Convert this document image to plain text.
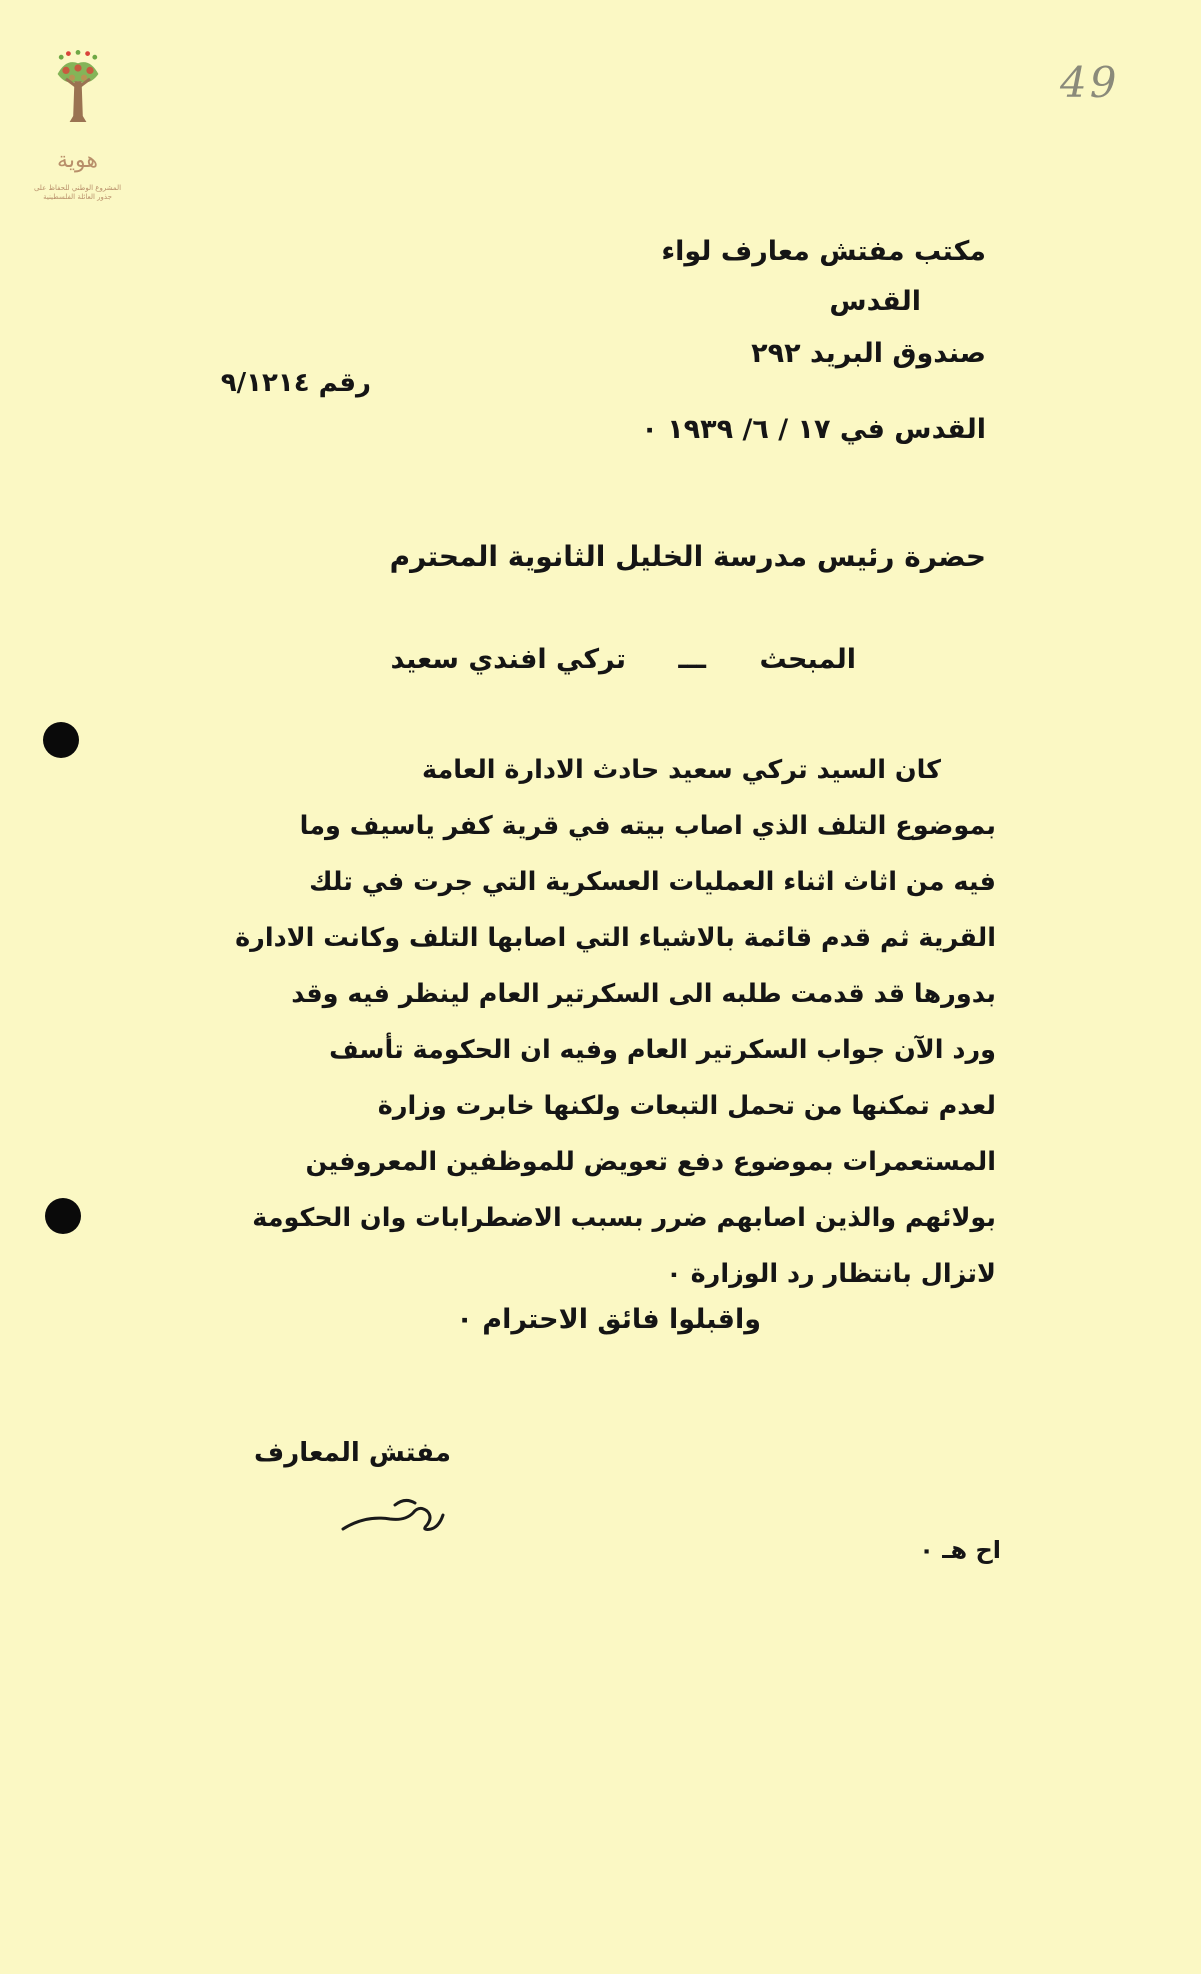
49
هوية
المشروع الوطني للحفاظ على جذور العائلة الفلسطينية
مكتب مفتش معارف لواء
القدس
صندوق البريد ٢٩٢
رقم ٩/١٢١٤
القدس في ١٧ / ٦/ ١٩٣٩ ٠
حضرة رئيس مدرسة الخليل الثانوية المحترم
المبحث
ـــ
تركي افندي سعيد
كان السيد تركي سعيد حادث الادارة العامة
بموضوع التلف الذي اصاب بيته في قرية كفر ياسيف وما
فيه من اثاث اثناء العمليات العسكرية التي جرت في تلك
القرية ثم قدم قائمة بالاشياء التي اصابها التلف وكانت الادارة
بدورها قد قدمت طلبه الى السكرتير العام لينظر فيه وقد
ورد الآن جواب السكرتير العام وفيه ان الحكومة تأسف
لعدم تمكنها من تحمل التبعات ولكنها خابرت وزارة
المستعمرات بموضوع دفع تعويض للموظفين المعروفين
بولائهم والذين اصابهم ضرر بسبب الاضطرابات وان الحكومة
لاتزال بانتظار رد الوزارة ٠
واقبلوا فائق الاحترام ٠
مفتش المعارف
اح هـ ٠
